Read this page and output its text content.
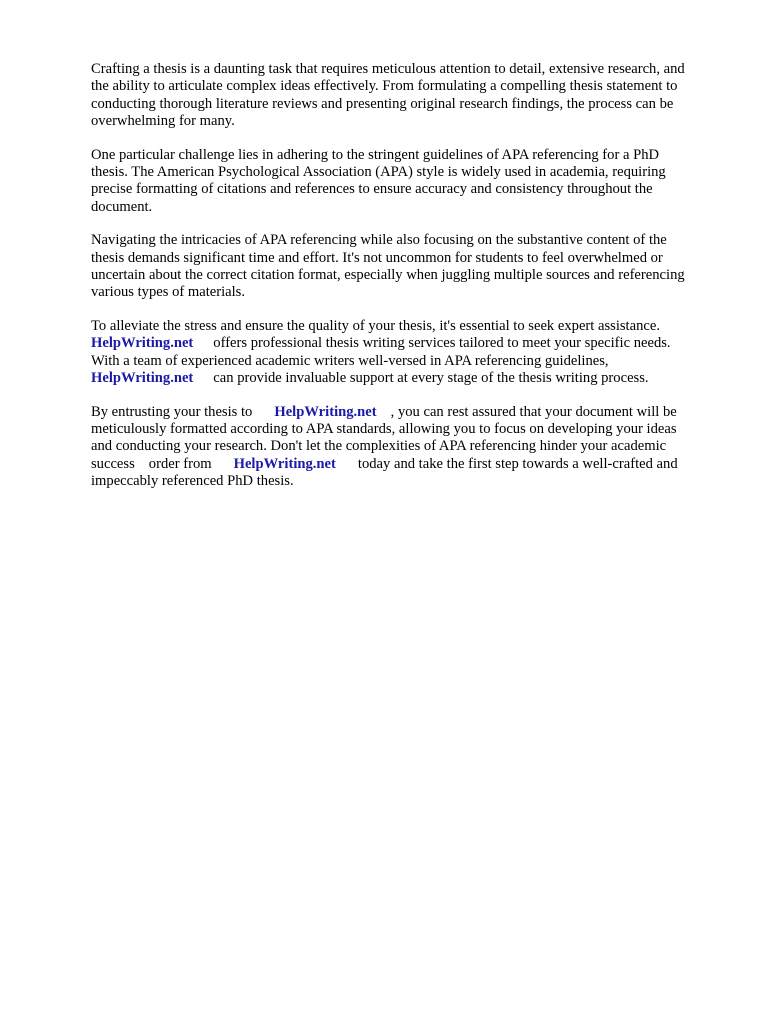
Crafting a thesis is a daunting task that requires meticulous attention to detail, extensive research, and
the ability to articulate complex ideas effectively. From formulating a compelling thesis statement to
conducting thorough literature reviews and presenting original research findings, the process can be
overwhelming for many.

One particular challenge lies in adhering to the stringent guidelines of APA referencing for a PhD
thesis. The American Psychological Association (APA) style is widely used in academia, requiring
precise formatting of citations and references to ensure accuracy and consistency throughout the
document.

Navigating the intricacies of APA referencing while also focusing on the substantive content of the
thesis demands significant time and effort. It's not uncommon for students to feel overwhelmed or
uncertain about the correct citation format, especially when juggling multiple sources and referencing
various types of materials.

To alleviate the stress and ensure the quality of your thesis, it's essential to seek expert assistance.
HelpWriting.net offers professional thesis writing services tailored to meet your specific needs.
With a team of experienced academic writers well-versed in APA referencing guidelines,
HelpWriting.net can provide invaluable support at every stage of the thesis writing process.

By entrusting your thesis to HelpWriting.net , you can rest assured that your document will be
meticulously formatted according to APA standards, allowing you to focus on developing your ideas
and conducting your research. Don't let the complexities of APA referencing hinder your academic
success order from HelpWriting.net today and take the first step towards a well-crafted and
impeccably referenced PhD thesis.
